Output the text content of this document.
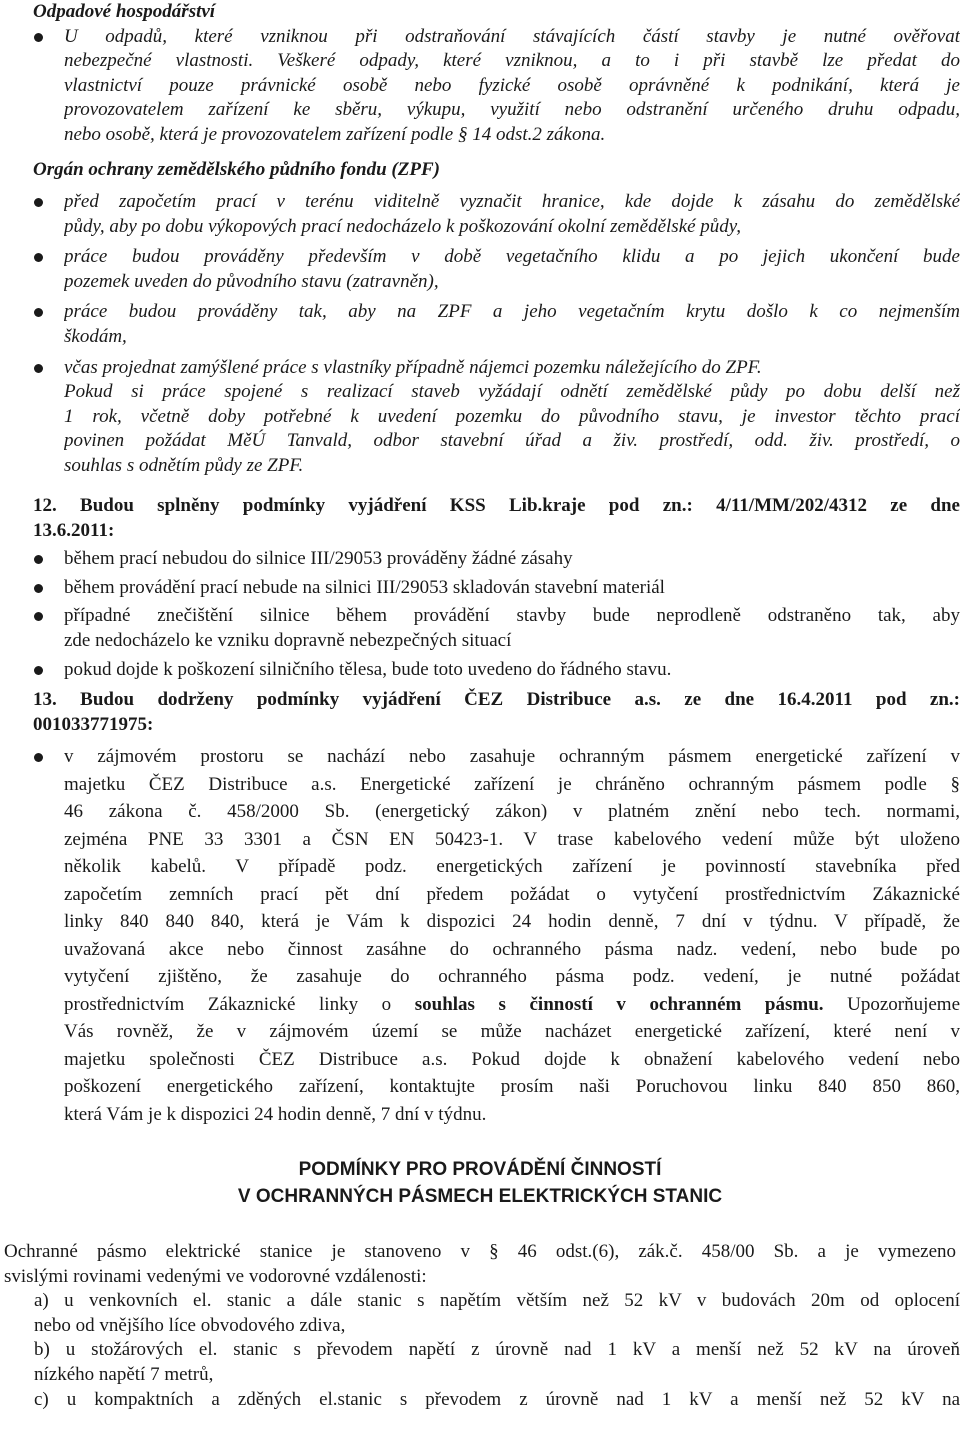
Odpadové hospodářství
U odpadů, které vzniknou při odstraňování stávajících částí stavby je nutné ověřovat
nebezpečné vlastnosti. Veškeré odpady, které vzniknou, a to i při stavbě lze předat do
vlastnictví pouze právnické osobě nebo fyzické osobě oprávněné k podnikání, která je
provozovatelem zařízení ke sběru, výkupu, využití nebo odstranění určeného druhu odpadu,
nebo osobě, která je provozovatelem zařízení podle § 14 odst.2 zákona.
Orgán ochrany zemědělského půdního fondu (ZPF)
před započetím prací v terénu viditelně vyznačit hranice, kde dojde k zásahu do zemědělské
půdy, aby po dobu výkopových prací nedocházelo k poškozování okolní zemědělské půdy,
práce budou prováděny především v době vegetačního klidu a po jejich ukončení bude
pozemek uveden do původního stavu (zatravněn),
práce budou prováděny tak, aby na ZPF a jeho vegetačním krytu došlo k co nejmenším
škodám,
včas projednat zamýšlené práce s vlastníky případně nájemci pozemku náležejícího do ZPF.
Pokud si práce spojené s realizací staveb vyžádají odnětí zemědělské půdy po dobu delší než
1 rok, včetně doby potřebné k uvedení pozemku do původního stavu, je investor těchto prací
povinen požádat MěÚ Tanvald, odbor stavební úřad a živ. prostředí, odd. živ. prostředí, o
souhlas s odnětím půdy ze ZPF.
12. Budou splněny podmínky vyjádření KSS Lib.kraje pod zn.: 4/11/MM/202/4312 ze dne
13.6.2011:
během prací nebudou do silnice III/29053 prováděny žádné zásahy
během provádění prací nebude na silnici III/29053 skladován stavební materiál
případné znečištění silnice během provádění stavby bude neprodleně odstraněno tak, aby
zde nedocházelo ke vzniku dopravně nebezpečných situací
pokud dojde k poškození silničního tělesa, bude toto uvedeno do řádného stavu.
13. Budou dodrženy podmínky vyjádření ČEZ Distribuce a.s. ze dne 16.4.2011 pod zn.:
001033771975:
v zájmovém prostoru se nachází nebo zasahuje ochranným pásmem energetické zařízení v
majetku ČEZ Distribuce a.s. Energetické zařízení je chráněno ochranným pásmem podle §
46 zákona č. 458/2000 Sb. (energetický zákon) v platném znění nebo tech. normami,
zejména PNE 33 3301 a ČSN EN 50423-1. V trase kabelového vedení může být uloženo
několik kabelů. V případě podz. energetických zařízení je povinností stavebníka před
započetím zemních prací pět dní předem požádat o vytyčení prostřednictvím Zákaznické
linky 840 840 840, která je Vám k dispozici 24 hodin denně, 7 dní v týdnu. V případě, že
uvažovaná akce nebo činnost zasáhne do ochranného pásma nadz. vedení, nebo bude po
vytyčení zjištěno, že zasahuje do ochranného pásma podz. vedení, je nutné požádat
prostřednictvím Zákaznické linky o souhlas s činností v ochranném pásmu. Upozorňujeme
Vás rovněž, že v zájmovém území se může nacházet energetické zařízení, které není v
majetku společnosti ČEZ Distribuce a.s. Pokud dojde k obnažení kabelového vedení nebo
poškození energetického zařízení, kontaktujte prosím naši Poruchovou linku 840 850 860,
která Vám je k dispozici 24 hodin denně, 7 dní v týdnu.
PODMÍNKY PRO PROVÁDĚNÍ ČINNOSTÍ
V OCHRANNÝCH PÁSMECH ELEKTRICKÝCH STANIC
Ochranné pásmo elektrické stanice je stanoveno v § 46 odst.(6), zák.č. 458/00 Sb. a je vymezeno
svislými rovinami vedenými ve vodorovné vzdálenosti:
a) u venkovních el. stanic a dále stanic s napětím větším než 52 kV v budovách 20m od oplocení
nebo od vnějšího líce obvodového zdiva,
b) u stožárových el. stanic s převodem napětí z úrovně nad 1 kV a menší než 52 kV na úroveň
nízkého napětí 7 metrů,
c) u kompaktních a zděných el.stanic s převodem z úrovně nad 1 kV a menší než 52 kV na
